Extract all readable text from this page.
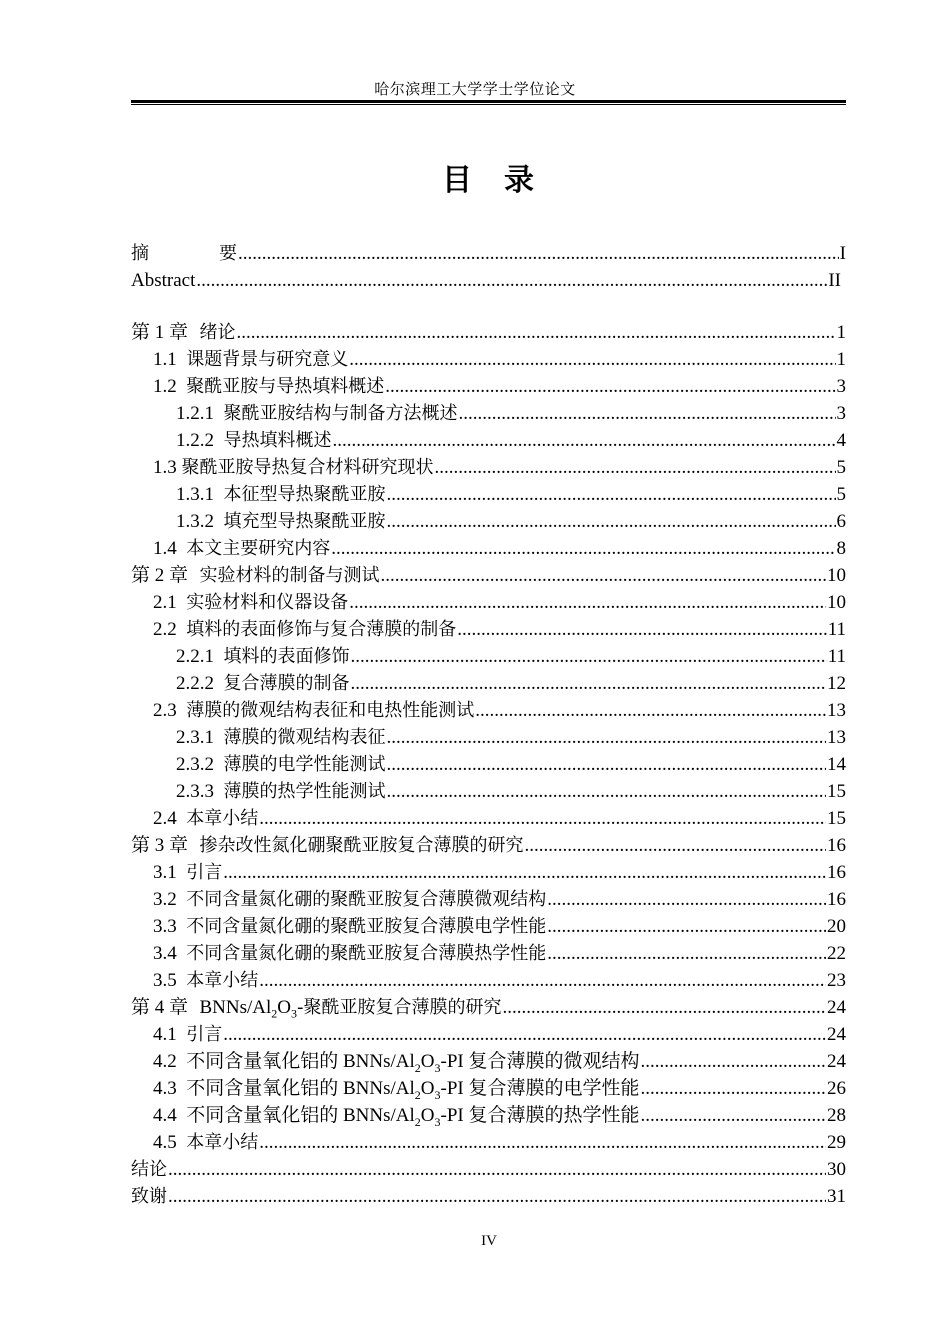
哈尔滨理工大学学士学位论文
目 录
摘	要 .....	I
Abstract .....	II
第 1 章 绪论 .....	1
1.1 课题背景与研究意义 .....	1
1.2 聚酰亚胺与导热填料概述 .....	3
1.2.1 聚酰亚胺结构与制备方法概述 .....	3
1.2.2 导热填料概述 .....	4
1.3 聚酰亚胺导热复合材料研究现状 .....	5
1.3.1 本征型导热聚酰亚胺 .....	5
1.3.2 填充型导热聚酰亚胺 .....	6
1.4 本文主要研究内容 .....	8
第 2 章 实验材料的制备与测试 .....	10
2.1 实验材料和仪器设备 .....	10
2.2 填料的表面修饰与复合薄膜的制备 .....	11
2.2.1 填料的表面修饰 .....	11
2.2.2 复合薄膜的制备 .....	12
2.3 薄膜的微观结构表征和电热性能测试 .....	13
2.3.1 薄膜的微观结构表征 .....	13
2.3.2 薄膜的电学性能测试 .....	14
2.3.3 薄膜的热学性能测试 .....	15
2.4 本章小结 .....	15
第 3 章 掺杂改性氮化硼聚酰亚胺复合薄膜的研究 .....	16
3.1 引言 .....	16
3.2 不同含量氮化硼的聚酰亚胺复合薄膜微观结构 .....	16
3.3 不同含量氮化硼的聚酰亚胺复合薄膜电学性能 .....	20
3.4 不同含量氮化硼的聚酰亚胺复合薄膜热学性能 .....	22
3.5 本章小结 .....	23
第 4 章 BNNs/$Al_2O_3-$聚酰亚胺复合薄膜的研究 .....	24
4.1 引言 .....	24
4.2 不同含量氧化铝的 BNNs/$Al_2O_3-PI$ 复合薄膜的微观结构 .....	24
4.3 不同含量氧化铝的 BNNs/$Al_2O_3-PI$ 复合薄膜的电学性能 .....	26
4.4 不同含量氧化铝的 BNNs/$Al_2O_3-PI$ 复合薄膜的热学性能 .....	28
4.5 本章小结 .....	29
结论 .....	30
致谢 .....	31
IV
